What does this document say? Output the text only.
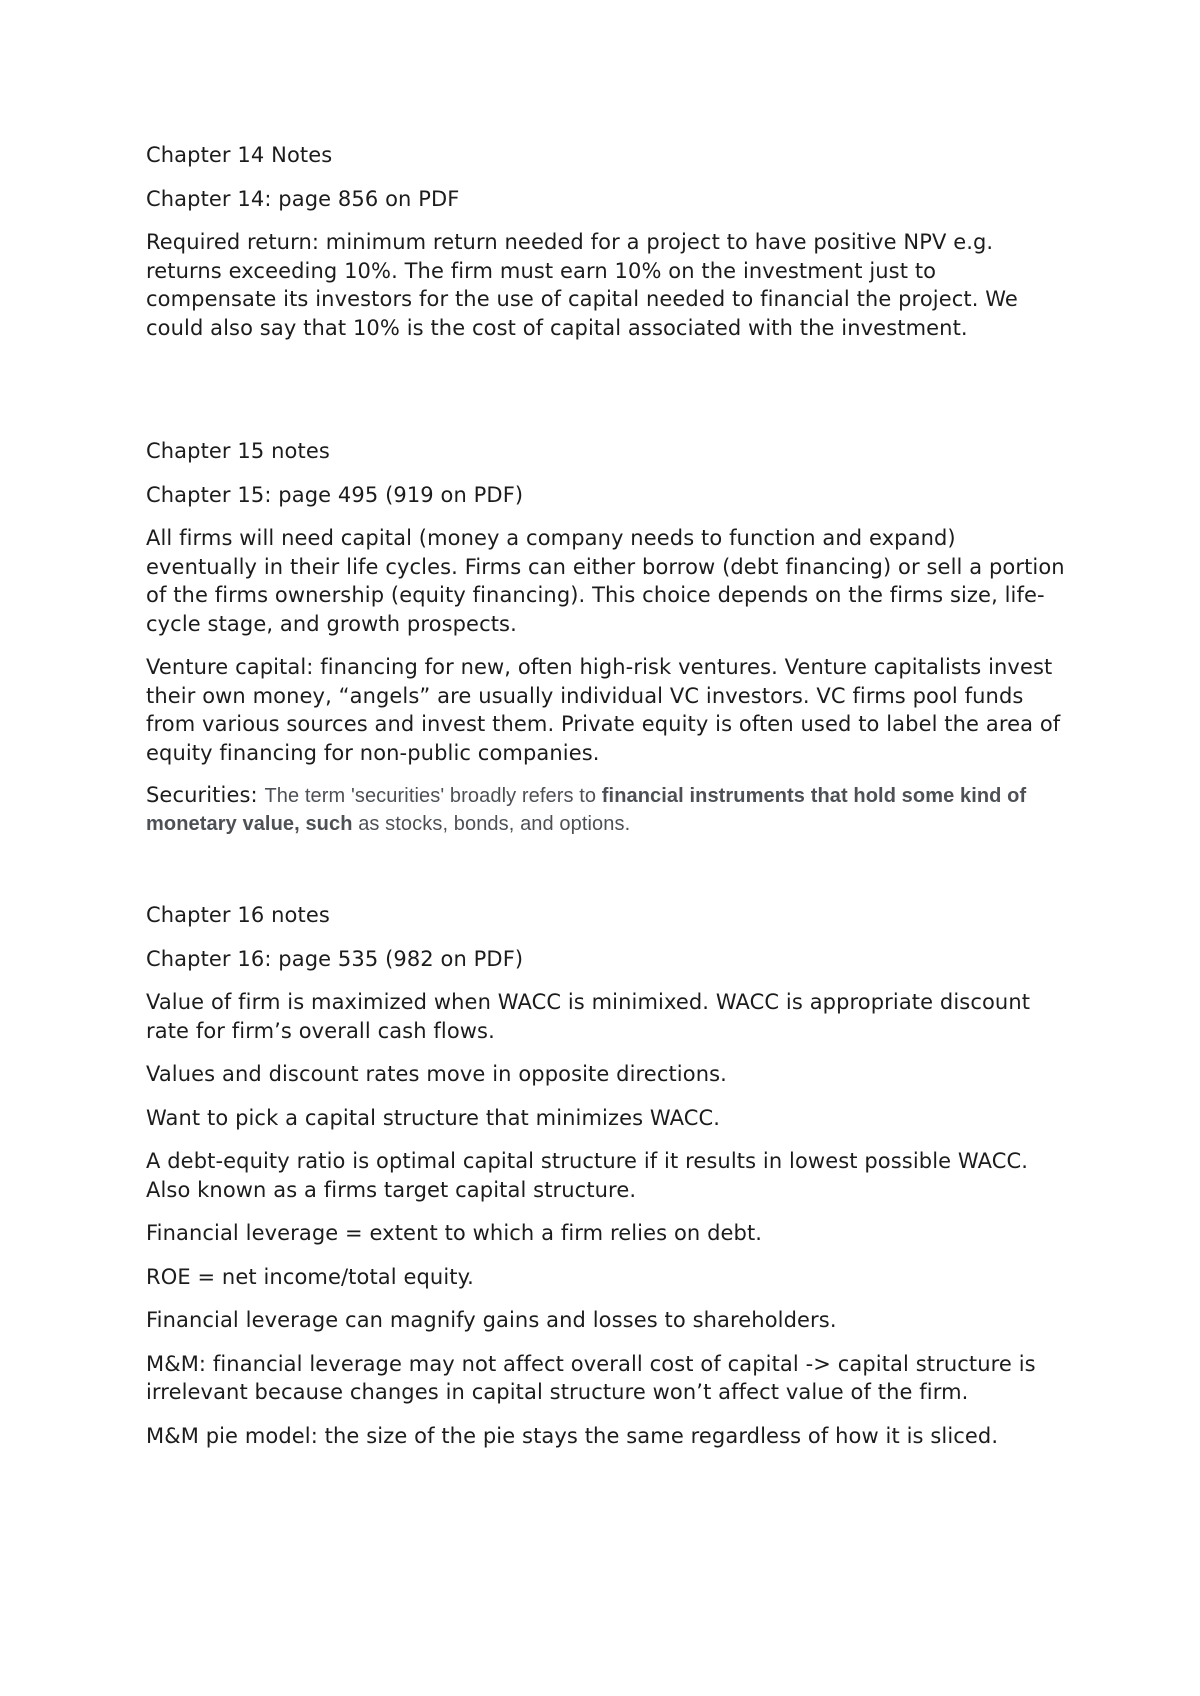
Chapter 14 Notes

Chapter 14: page 856 on PDF

Required return: minimum return needed for a project to have positive NPV e.g. returns exceeding 10%. The firm must earn 10% on the investment just to compensate its investors for the use of capital needed to financial the project. We could also say that 10% is the cost of capital associated with the investment.

Chapter 15 notes

Chapter 15: page 495 (919 on PDF)

All firms will need capital (money a company needs to function and expand) eventually in their life cycles. Firms can either borrow (debt financing) or sell a portion of the firms ownership (equity financing). This choice depends on the firms size, life-cycle stage, and growth prospects.

Venture capital: financing for new, often high-risk ventures. Venture capitalists invest their own money, “angels” are usually individual VC investors. VC firms pool funds from various sources and invest them. Private equity is often used to label the area of equity financing for non-public companies.

Securities: The term 'securities' broadly refers to financial instruments that hold some kind of monetary value, such as stocks, bonds, and options.

Chapter 16 notes

Chapter 16: page 535 (982 on PDF)

Value of firm is maximized when WACC is minimixed. WACC is appropriate discount rate for firm’s overall cash flows.

Values and discount rates move in opposite directions.

Want to pick a capital structure that minimizes WACC.

A debt-equity ratio is optimal capital structure if it results in lowest possible WACC. Also known as a firms target capital structure.

Financial leverage = extent to which a firm relies on debt.

ROE = net income/total equity.

Financial leverage can magnify gains and losses to shareholders.

M&M: financial leverage may not affect overall cost of capital -> capital structure is irrelevant because changes in capital structure won’t affect value of the firm.

M&M pie model: the size of the pie stays the same regardless of how it is sliced.
